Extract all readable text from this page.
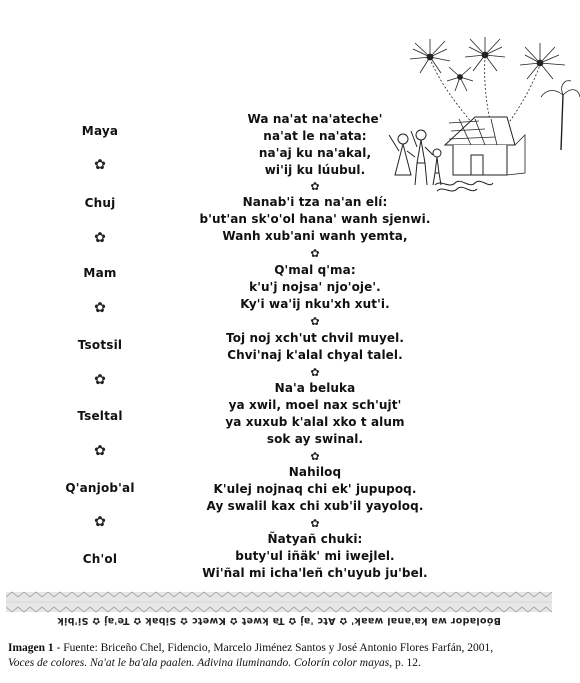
Maya
Chuj
Mam
Tsotsil
Tseltal
Q'anjob'al
Ch'ol
✿
✿
✿
✿
✿
✿
Wa na'at na'ateche'
na'at le na'ata:
na'aj ku na'akal,
wi'ij ku lúubul.
✿
Nanab'i tza na'an elí:
b'ut'an sk'o'ol hana' wanh sjenwi.
Wanh xub'ani wanh yemta,
✿
Q'mal q'ma:
k'u'j nojsa' njo'oje'.
Ky'i wa'ij nku'xh xut'i.
✿
Toj noj xch'ut chvil muyel.
Chvi'naj k'alal chyal talel.
✿
Na'a beluka
ya xwil, moel nax sch'ujt'
ya xuxub k'alal xko t alum
sok ay swinal.
✿
Nahiloq
K'ulej nojnaq chi ek' jupupoq.
Ay swalil kax chi xub'il yayoloq.
✿
Ñatyañ chuki:
buty'ul iñäk' mi iwejlel.
Wi'ñal mi icha'leñ ch'uyub ju'bel.
Bóolador wa ka'anal waak' ✿ Atc 'aj ✿ Ta kwet ✿ Kwetc ✿ Sibak ✿ Te'aj ✿ Si'bik
Imagen 1 - Fuente: Briceño Chel, Fidencio, Marcelo Jiménez Santos y José Antonio Flores Farfán, 2001,
Voces de colores. Na'at le ba'ala paalen. Adivina iluminando. Colorín color mayas, p. 12.
